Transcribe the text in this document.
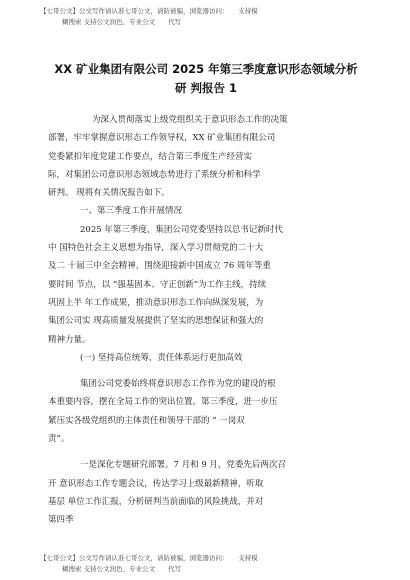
【七哥公文】公文写作请认准七哥公文，请防被骗，浏览器访问：　　支持模

糊搜索 支持公文润色、专业公文　　代写

XX 矿业集团有限公司 2025 年第三季度意识形态领域分析

研 判报告 1

为深入贯彻落实上级党组织关于意识形态工作的决策

部署，牢牢掌握意识形态工作领导权，XX 矿业集团有限公司

党委紧扣年度党建工作要点，结合第三季度生产经营实

际，对集团公司意识形态领域态势进行了系统分析和科学

研判。 现将有关情况报告如下。

一、第三季度工作开展情况

2025 年第三季度，集团公司党委坚持以总书记新时代

中 国特色社会主义思想为指导，深入学习贯彻党的二十大

及二 十届三中全会精神，围绕迎接新中国成立 76 周年等重

要时间 节点，以 “强基固本、守正创新”为工作主线，持续

巩固上半 年工作成果，推动意识形态工作向纵深发展，为

集团公司实 现高质量发展提供了坚实的思想保证和强大的

精神力量。

(一) 坚持高位统筹，责任体系运行更加高效

集团公司党委始终将意识形态工作作为党的建设的根

本重要内容，摆在全局工作的突出位置。第三季度，进一步压

紧压实各级党组织的主体责任和领导干部的 “ 一岗双

责”。

一是深化专题研究部署。7 月和 9 月，党委先后两次召

开 意识形态工作专题会议，传达学习上级最新精神，听取

基层 单位工作汇报，分析研判当前面临的风险挑战，并对

第四季

【七哥公文】公文写作请认准七哥公文，请防被骗，浏览器访问：　　支持模

糊搜索 支持公文润色、专业公文　　代写
